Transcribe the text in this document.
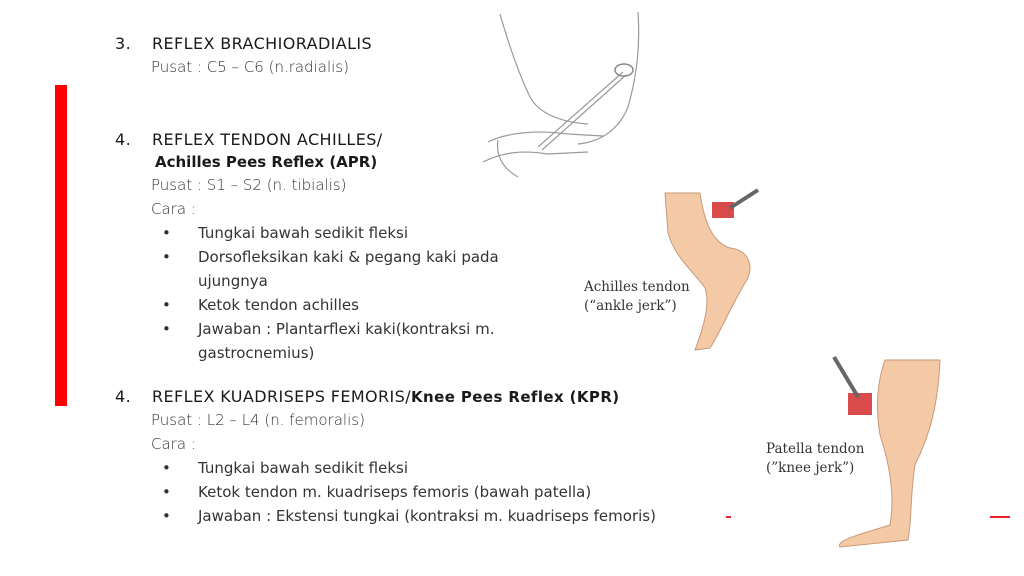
3.	REFLEX BRACHIORADIALIS
Pusat : C5 – C6 (n.radialis)
4.	REFLEX TENDON ACHILLES/
Achilles Pees Reflex (APR)
Pusat : S1 – S2 (n. tibialis)
Cara :
•	Tungkai bawah sedikit fleksi
•	Dorsofleksikan kaki & pegang kaki pada ujungnya
•	Ketok tendon achilles
•	Jawaban : Plantarflexi kaki(kontraksi m. gastrocnemius)
4.	REFLEX KUADRISEPS FEMORIS/ Knee Pees Reflex (KPR)
Pusat : L2 – L4 (n. femoralis)
Cara :
•	Tungkai bawah sedikit fleksi
•	Ketok tendon m. kuadriseps femoris (bawah patella)
•	Jawaban : Ekstensi tungkai (kontraksi m. kuadriseps femoris)
Achilles tendon
(“ankle jerk”)
Patella tendon
(”knee jerk”)
